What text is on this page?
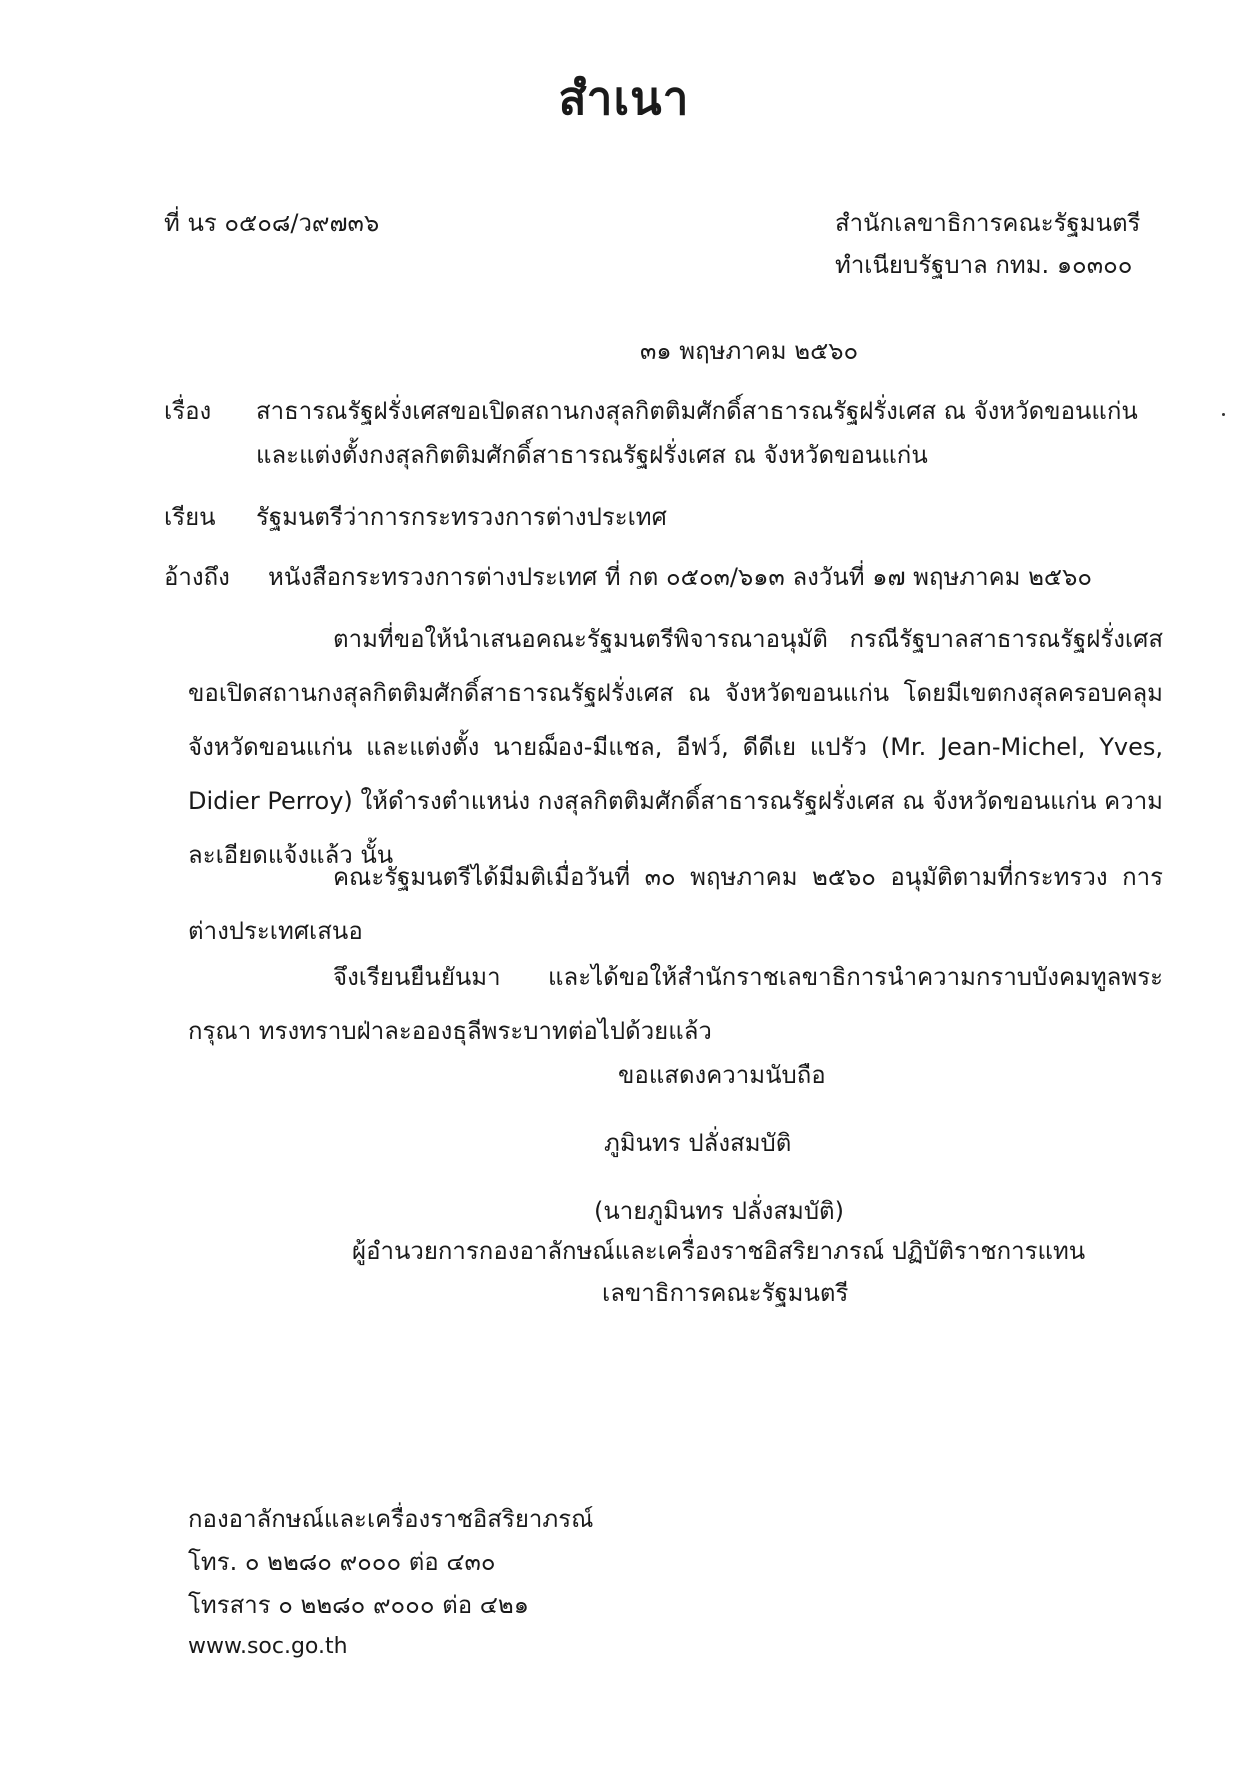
สำเนา
ที่ นร ๐๕๐๘/ว๙๗๓๖	สำนักเลขาธิการคณะรัฐมนตรี
ทำเนียบรัฐบาล กทม. ๑๐๓๐๐
๓๑ พฤษภาคม ๒๕๖๐
เรื่อง สาธารณรัฐฝรั่งเศสขอเปิดสถานกงสุลกิตติมศักดิ์สาธารณรัฐฝรั่งเศส ณ จังหวัดขอนแก่น
และแต่งตั้งกงสุลกิตติมศักดิ์สาธารณรัฐฝรั่งเศส ณ จังหวัดขอนแก่น
เรียน รัฐมนตรีว่าการกระทรวงการต่างประเทศ
อ้างถึง หนังสือกระทรวงการต่างประเทศ ที่ กต ๐๕๐๓/๖๑๓ ลงวันที่ ๑๗ พฤษภาคม ๒๕๖๐
ตามที่ขอให้นำเสนอคณะรัฐมนตรีพิจารณาอนุมัติ กรณีรัฐบาลสาธารณรัฐฝรั่งเศส ขอเปิดสถานกงสุลกิตติมศักดิ์สาธารณรัฐฝรั่งเศส ณ จังหวัดขอนแก่น โดยมีเขตกงสุลครอบคลุม จังหวัดขอนแก่น และแต่งตั้ง นายฌ็อง-มีแชล, อีฟว์, ดีดีเย แปรัว (Mr. Jean-Michel, Yves, Didier Perroy) ให้ดำรงตำแหน่ง กงสุลกิตติมศักดิ์สาธารณรัฐฝรั่งเศส ณ จังหวัดขอนแก่น ความละเอียดแจ้งแล้ว นั้น
คณะรัฐมนตรีได้มีมติเมื่อวันที่ ๓๐ พฤษภาคม ๒๕๖๐ อนุมัติตามที่กระทรวง การต่างประเทศเสนอ
จึงเรียนยืนยันมา และได้ขอให้สำนักราชเลขาธิการนำความกราบบังคมทูลพระกรุณา ทรงทราบฝ่าละอองธุลีพระบาทต่อไปด้วยแล้ว
ขอแสดงความนับถือ
ภูมินทร ปลั่งสมบัติ
(นายภูมินทร ปลั่งสมบัติ)
ผู้อำนวยการกองอาลักษณ์และเครื่องราชอิสริยาภรณ์ ปฏิบัติราชการแทน
เลขาธิการคณะรัฐมนตรี
กองอาลักษณ์และเครื่องราชอิสริยาภรณ์
โทร. ๐ ๒๒๘๐ ๙๐๐๐ ต่อ ๔๓๐
โทรสาร ๐ ๒๒๘๐ ๙๐๐๐ ต่อ ๔๒๑
www.soc.go.th
